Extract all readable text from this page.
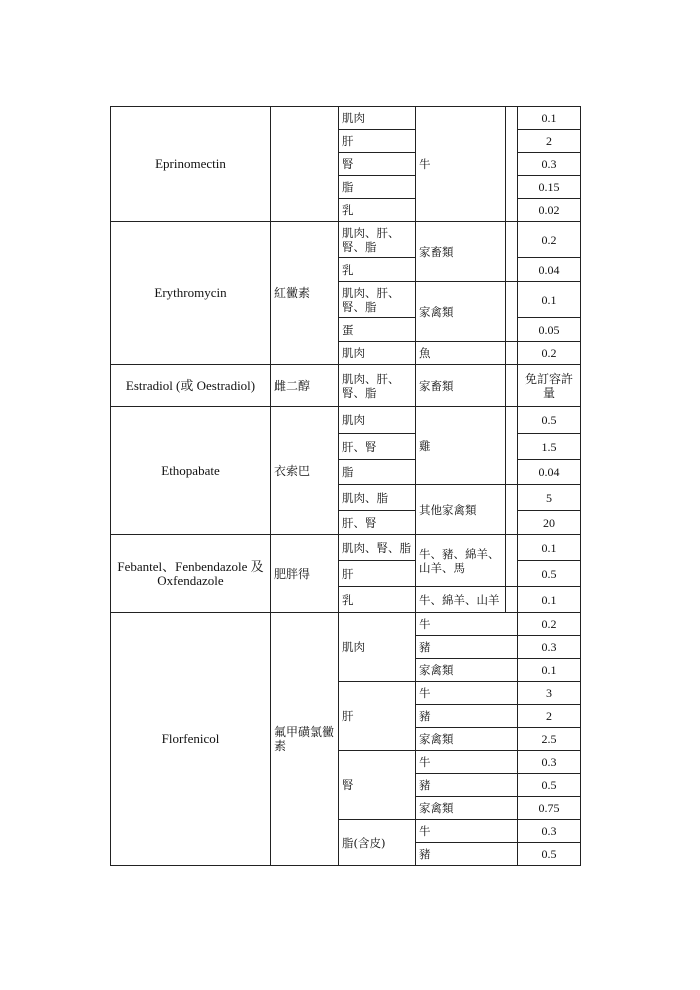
Eprinomectin		肌肉	牛		0.1
		肝			2
		腎			0.3
		脂			0.15
		乳			0.02
Erythromycin	紅黴素	肌肉、肝、腎、脂	家畜類		0.2
		乳			0.04
		肌肉、肝、腎、脂	家禽類		0.1
		蛋			0.05
		肌肉	魚		0.2
Estradiol (或 Oestradiol)	雌二醇	肌肉、肝、腎、脂	家畜類		免訂容許量
Ethopabate	衣索巴	肌肉	雞		0.5
		肝、腎			1.5
		脂			0.04
		肌肉、脂	其他家禽類		5
		肝、腎			20
Febantel、Fenbendazole 及 Oxfendazole	肥胖得	肌肉、腎、脂	牛、豬、綿羊、山羊、馬		0.1
		肝			0.5
		乳	牛、綿羊、山羊		0.1
Florfenicol	氟甲磺氯黴素	肌肉	牛		0.2
			豬		0.3
			家禽類		0.1
		肝	牛		3
			豬		2
			家禽類		2.5
		腎	牛		0.3
			豬		0.5
			家禽類		0.75
		脂(含皮)	牛		0.3
			豬		0.5
